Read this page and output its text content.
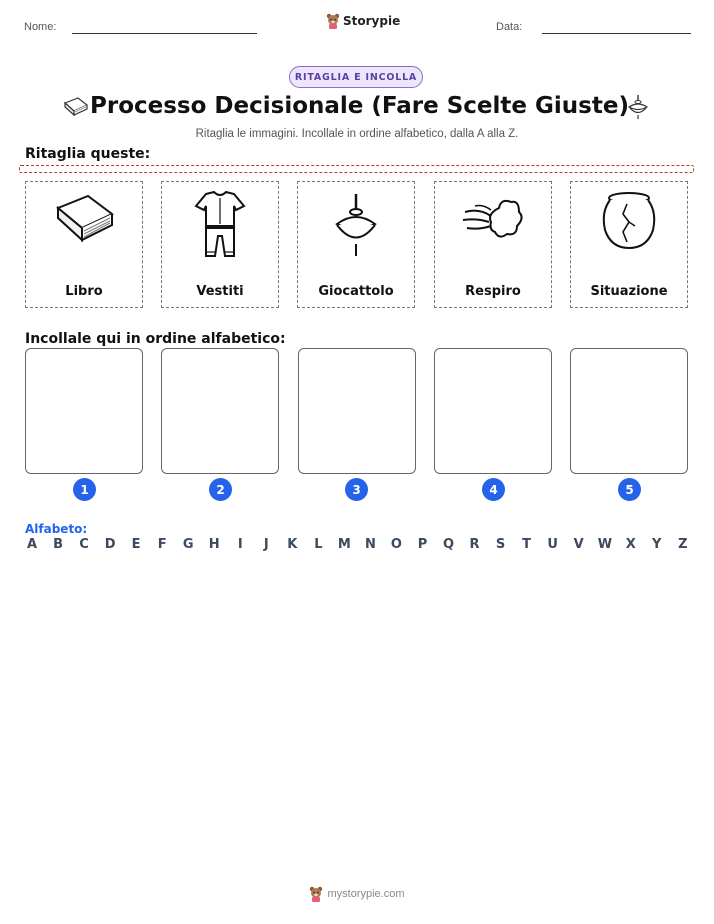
Nome:	Storypie	Data:
RITAGLIA E INCOLLA
Processo Decisionale (Fare Scelte Giuste)
Ritaglia le immagini. Incollale in ordine alfabetico, dalla A alla Z.
Ritaglia queste:
Libro	Vestiti	Giocattolo	Respiro	Situazione
Incollale qui in ordine alfabetico:
1	2	3	4	5
Alfabeto:
A B C D E F G H	I	J	K L M N O P Q R S T U V W X Y Z
mystorypie.com
